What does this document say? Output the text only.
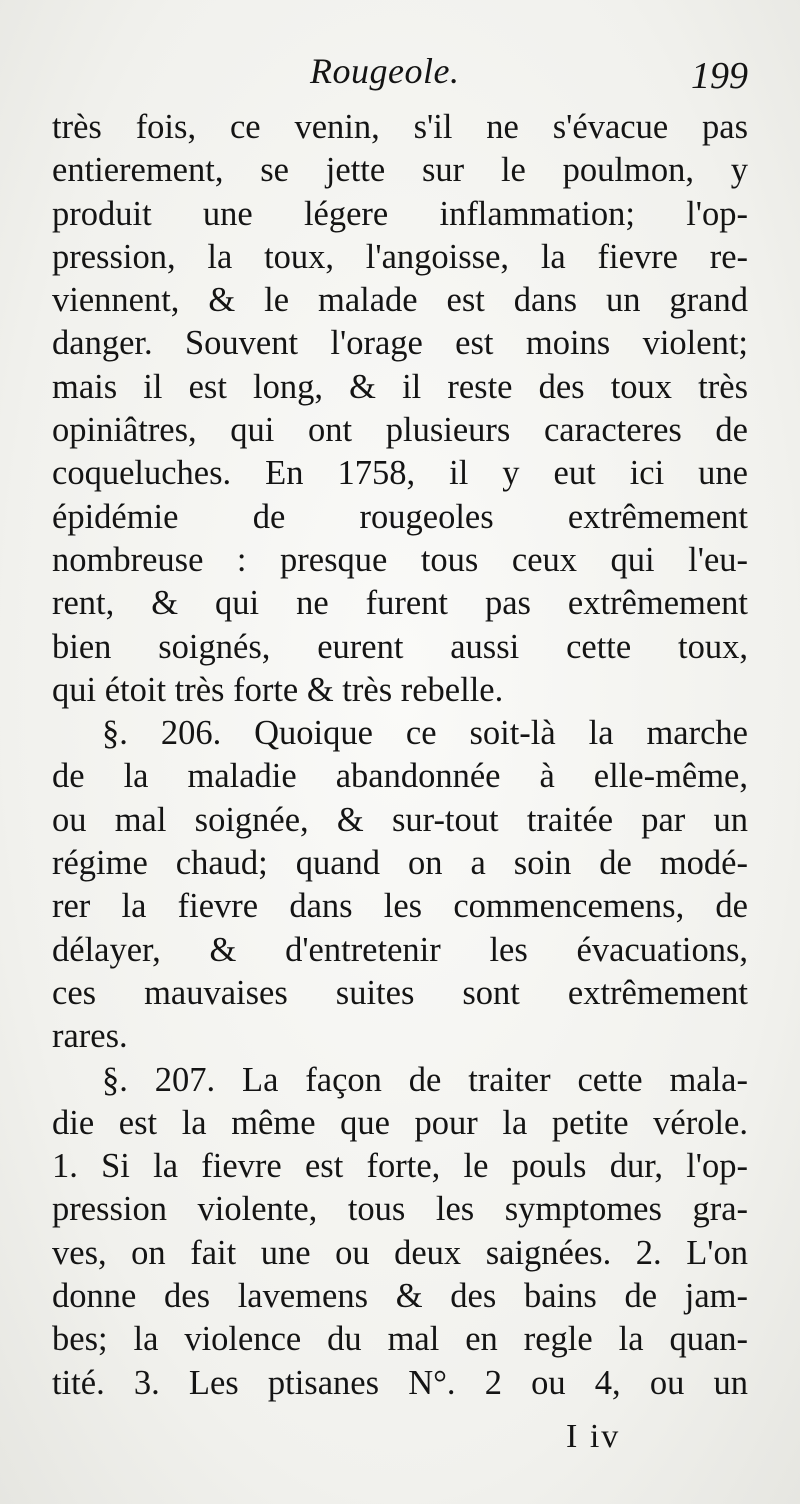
Rougeole.	199
très fois, ce venin, s'il ne s'évacue pas
entierement, se jette sur le poulmon, y
produit une légere inflammation; l'op-
pression, la toux, l'angoisse, la fievre re-
viennent, & le malade est dans un grand
danger. Souvent l'orage est moins violent;
mais il est long, & il reste des toux très
opiniâtres, qui ont plusieurs caracteres de
coqueluches. En 1758, il y eut ici une
épidémie de rougeoles extrêmement
nombreuse : presque tous ceux qui l'eu-
rent, & qui ne furent pas extrêmement
bien soignés, eurent aussi cette toux,
qui étoit très forte & très rebelle.
§. 206. Quoique ce soit-là la marche
de la maladie abandonnée à elle-même,
ou mal soignée, & sur-tout traitée par un
régime chaud; quand on a soin de modé-
rer la fievre dans les commencemens, de
délayer, & d'entretenir les évacuations,
ces mauvaises suites sont extrêmement
rares.
§. 207. La façon de traiter cette mala-
die est la même que pour la petite vérole.
1. Si la fievre est forte, le pouls dur, l'op-
pression violente, tous les symptomes gra-
ves, on fait une ou deux saignées. 2. L'on
donne des lavemens & des bains de jam-
bes; la violence du mal en regle la quan-
tité. 3. Les ptisanes N°. 2 ou 4, ou un
I iv
